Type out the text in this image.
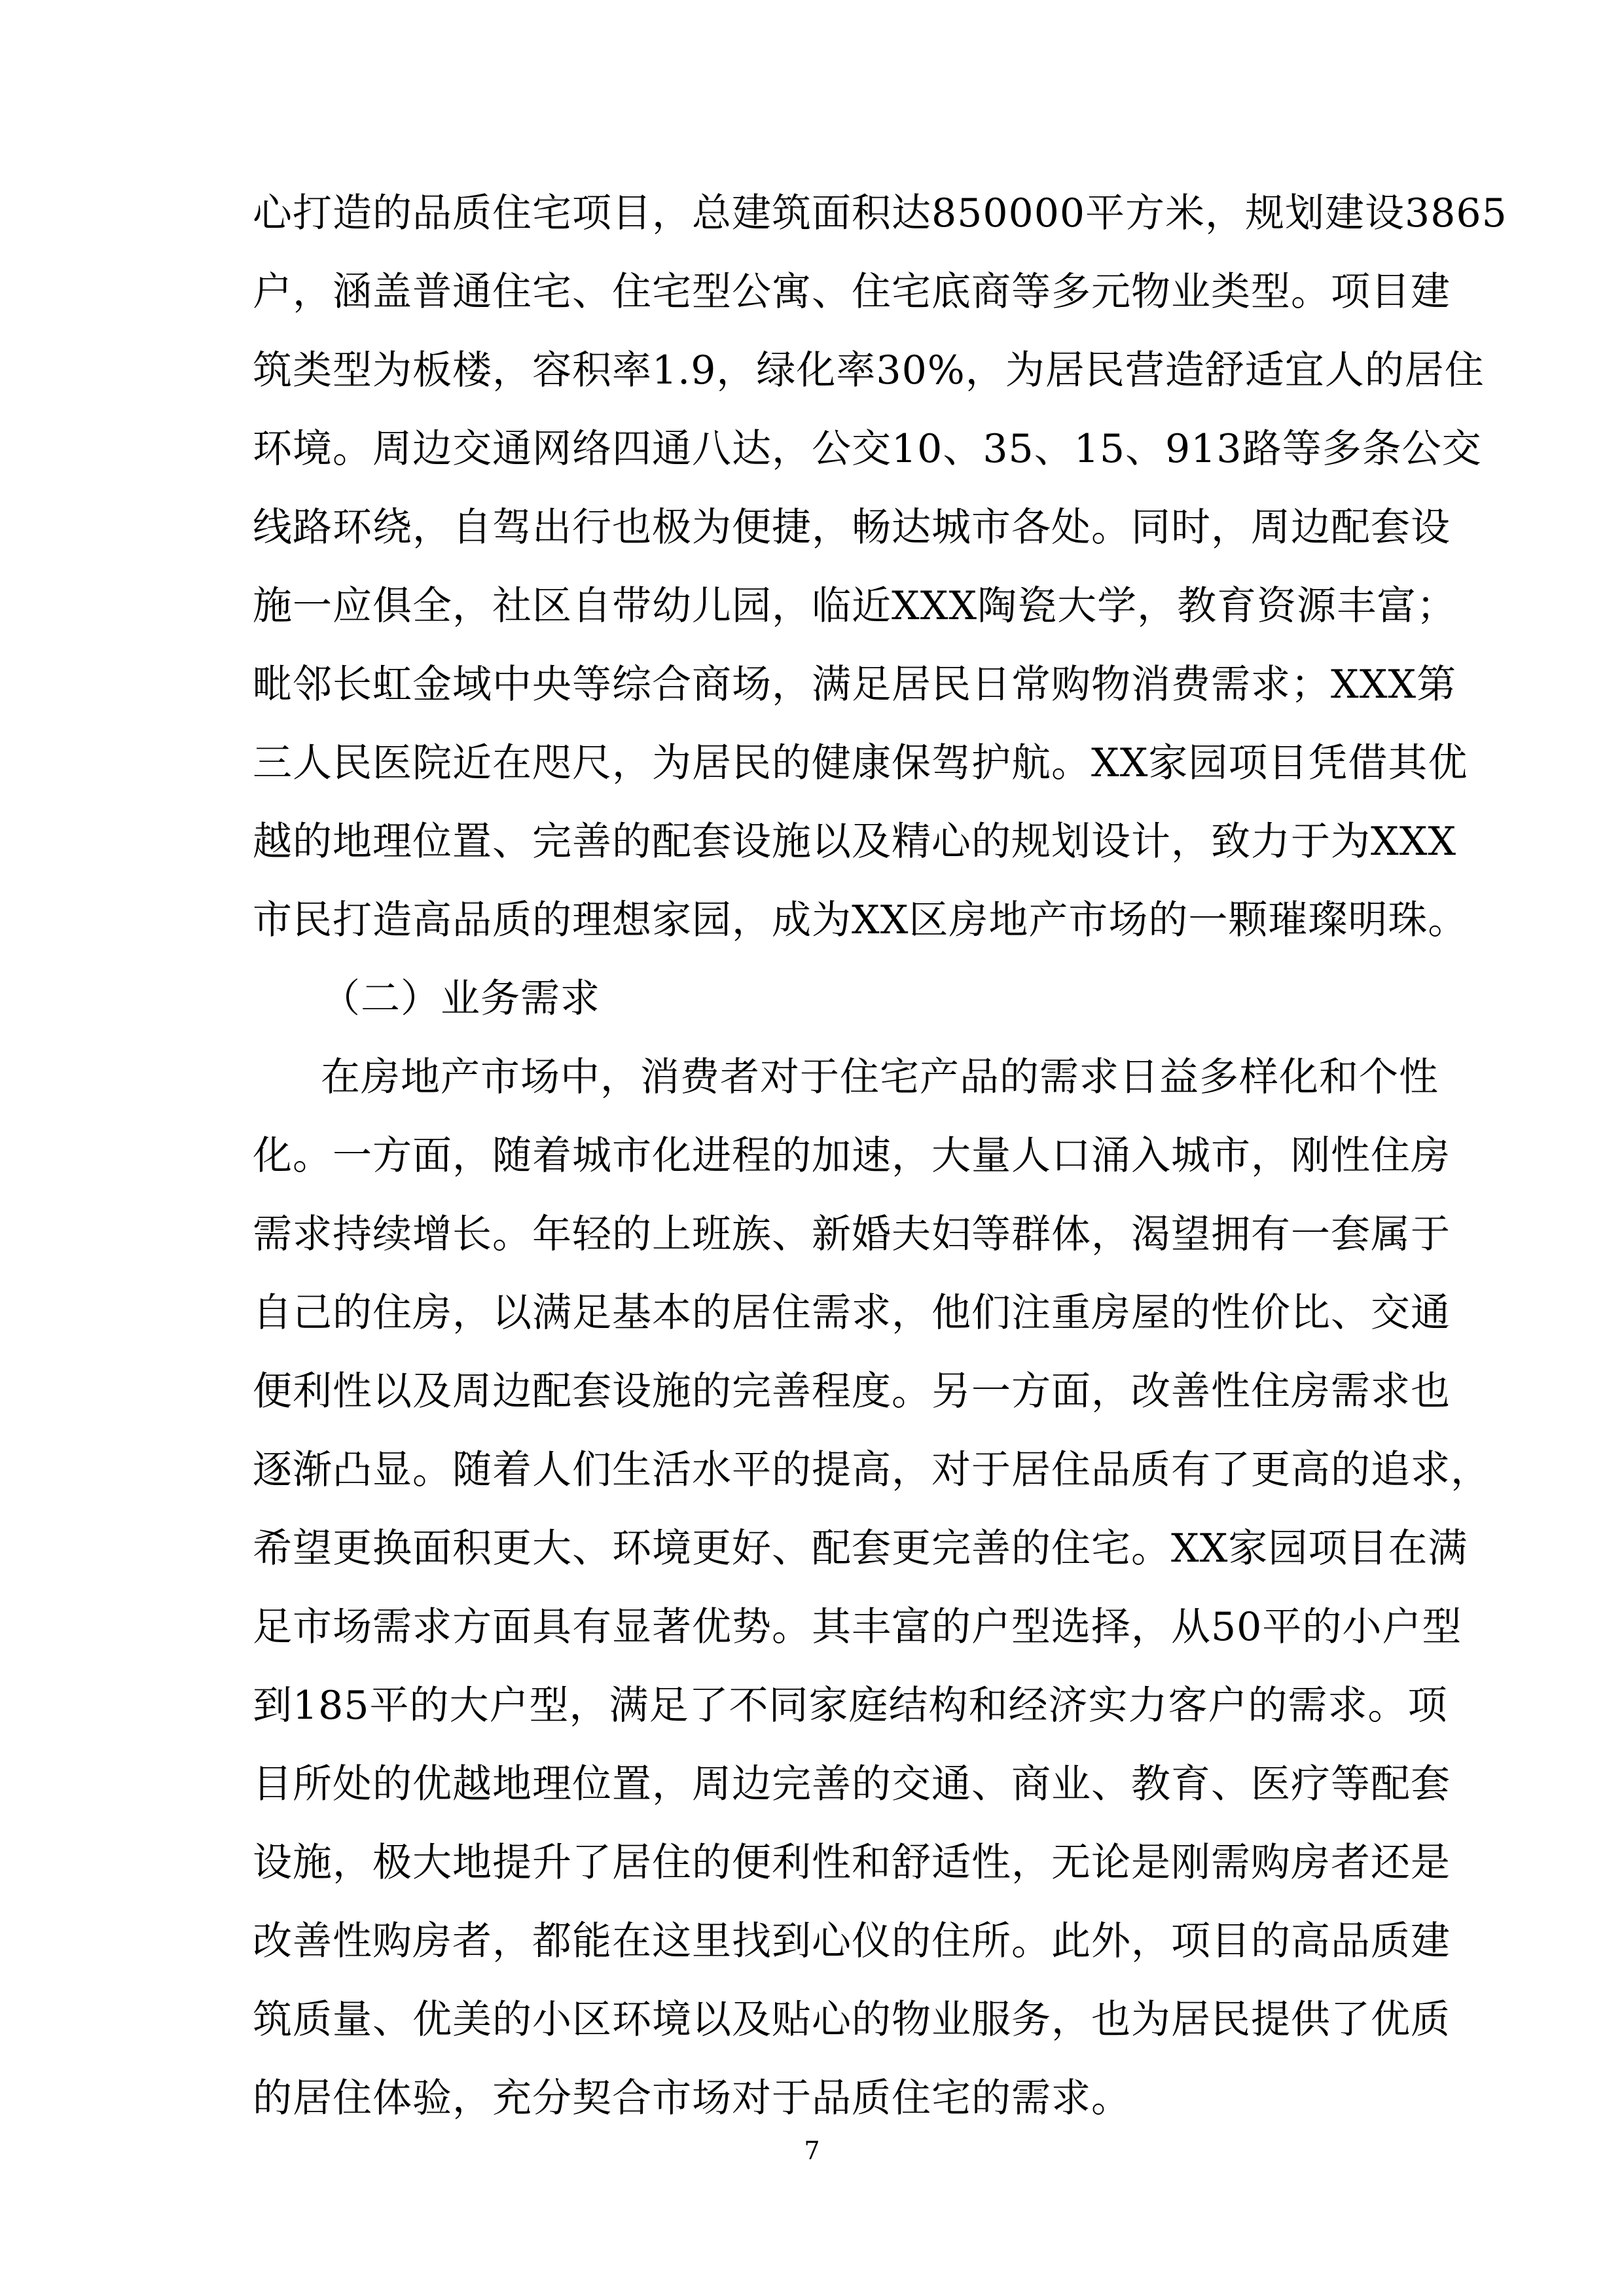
心打造的品质住宅项目，总建筑面积达850000平方米，规划建设3865
户，涵盖普通住宅、住宅型公寓、住宅底商等多元物业类型。项目建
筑类型为板楼，容积率1.9，绿化率30%，为居民营造舒适宜人的居住
环境。周边交通网络四通八达，公交10、35、15、913路等多条公交
线路环绕，自驾出行也极为便捷，畅达城市各处。同时，周边配套设
施一应俱全，社区自带幼儿园，临近XXX陶瓷大学，教育资源丰富；
毗邻长虹金域中央等综合商场，满足居民日常购物消费需求；XXX第
三人民医院近在咫尺，为居民的健康保驾护航。XX家园项目凭借其优
越的地理位置、完善的配套设施以及精心的规划设计，致力于为XXX
市民打造高品质的理想家园，成为XX区房地产市场的一颗璀璨明珠。
（二）业务需求
在房地产市场中，消费者对于住宅产品的需求日益多样化和个性
化。一方面，随着城市化进程的加速，大量人口涌入城市，刚性住房
需求持续增长。年轻的上班族、新婚夫妇等群体，渴望拥有一套属于
自己的住房，以满足基本的居住需求，他们注重房屋的性价比、交通
便利性以及周边配套设施的完善程度。另一方面，改善性住房需求也
逐渐凸显。随着人们生活水平的提高，对于居住品质有了更高的追求，
希望更换面积更大、环境更好、配套更完善的住宅。XX家园项目在满
足市场需求方面具有显著优势。其丰富的户型选择，从50平的小户型
到185平的大户型，满足了不同家庭结构和经济实力客户的需求。项
目所处的优越地理位置，周边完善的交通、商业、教育、医疗等配套
设施，极大地提升了居住的便利性和舒适性，无论是刚需购房者还是
改善性购房者，都能在这里找到心仪的住所。此外，项目的高品质建
筑质量、优美的小区环境以及贴心的物业服务，也为居民提供了优质
的居住体验，充分契合市场对于品质住宅的需求。
7
